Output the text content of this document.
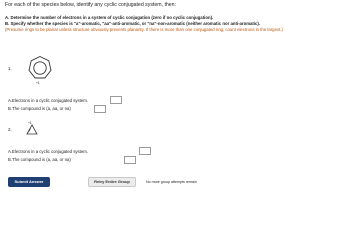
For each of the species below, identify any cyclic conjugated system, then:
A. Determine the number of electrons in a system of cyclic conjugation (zero if no cyclic conjugation).
B. Specify whether the species is "a"-aromatic, "aa"-anti-aromatic, or "na"-non-aromatic (neither aromatic nor anti-aromatic).
(Presume rings to be planar unless structure obviously prevents planarity. If there is more than one conjugated ring, count electrons in the largest.)
1.
+1
A.Electrons in a cyclic conjugated system.
B.The compound is (a, aa, or na)
2.
+1
A.Electrons in a cyclic conjugated system.
B.The compound is (a, aa, or na)
Submit Answer	Retry Entire Group	No more group attempts remain
